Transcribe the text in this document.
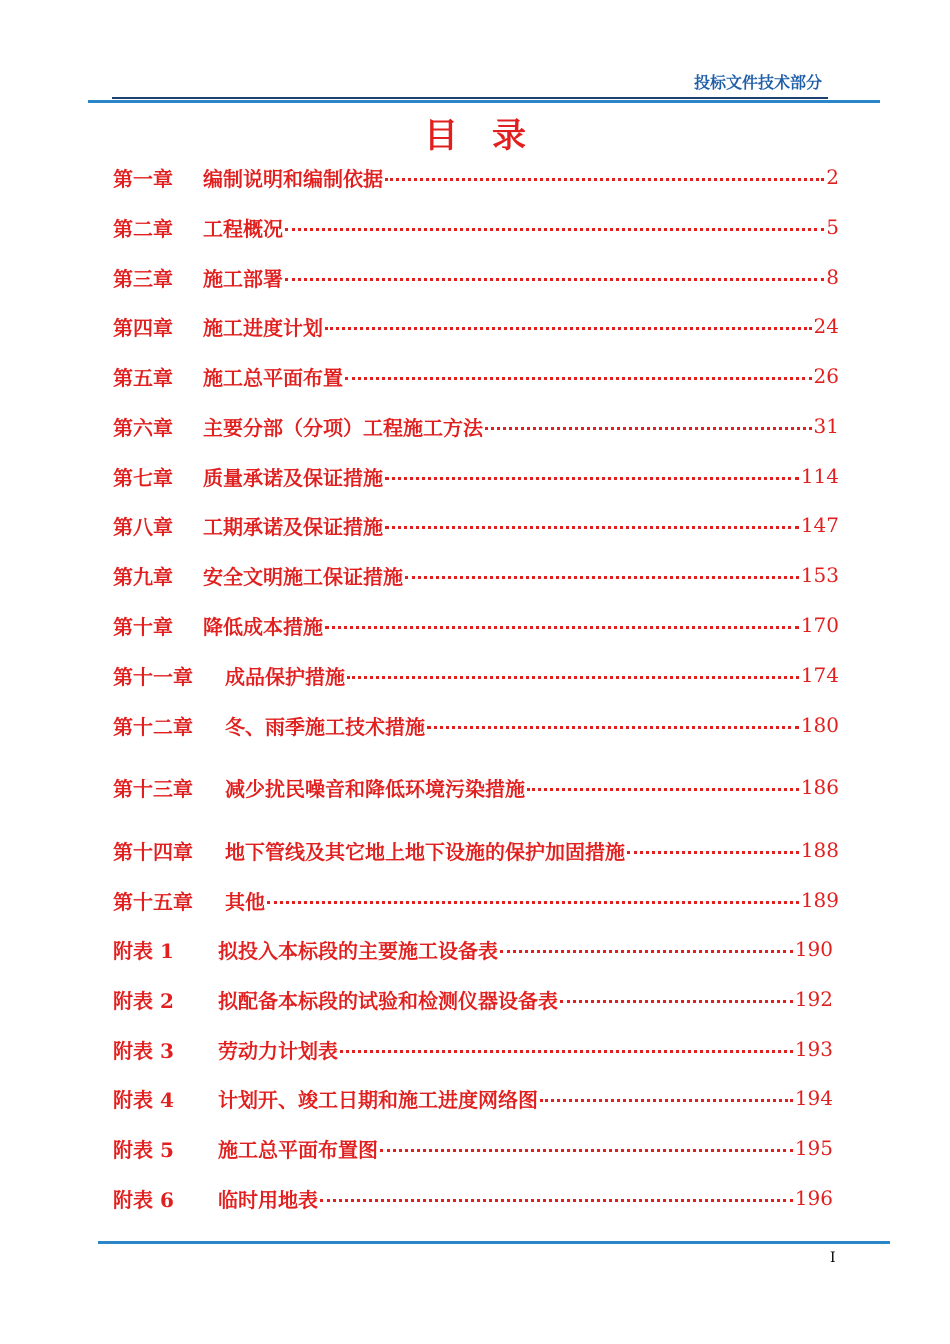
投标文件技术部分
目录
第一章	编制说明和编制依据	2
第二章	工程概况	5
第三章	施工部署	8
第四章	施工进度计划	24
第五章	施工总平面布置	26
第六章	主要分部（分项）工程施工方法	31
第七章	质量承诺及保证措施	114
第八章	工期承诺及保证措施	147
第九章	安全文明施工保证措施	153
第十章	降低成本措施	170
第十一章	成品保护措施	174
第十二章	冬、雨季施工技术措施	180
第十三章	减少扰民噪音和降低环境污染措施	186
第十四章	地下管线及其它地上地下设施的保护加固措施	188
第十五章	其他	189
附表 1	拟投入本标段的主要施工设备表	190
附表 2	拟配备本标段的试验和检测仪器设备表	192
附表 3	劳动力计划表	193
附表 4	计划开、竣工日期和施工进度网络图	194
附表 5	施工总平面布置图	195
附表 6	临时用地表	196
I
